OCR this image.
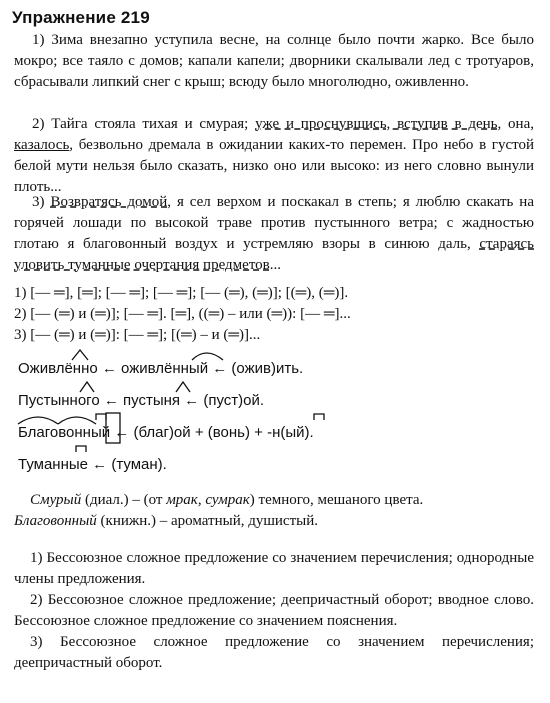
Упражнение 219

1) Зима внезапно уступила весне, на солнце было почти жарко. Все было мокро; все таяло с домов; капали капели; дворники скалывали лед с тротуаров, сбрасывали липкий снег с крыш; всюду было многолюдно, оживленно.

2) Тайга стояла тихая и смурая; уже и проснувшись, вступив в день, она, казалось, безвольно дремала в ожидании каких-то перемен. Про небо в густой белой мути нельзя было сказать, низко оно или высоко: из него словно вынули плоть...

3) Возвратясь домой, я сел верхом и поскакал в степь; я люблю скакать на горячей лошади по высокой траве против пустынного ветра; с жадностью глотаю я благовонный воздух и устремляю взоры в синюю даль, стараясь уловить туманные очертания предметов...

1) [— ═], [═]; [— ═]; [— ═]; [— (═), (═)]; [(═), (═)].
2) [— (═) и (═)]; [— ═]. [═], ((═) – или (═)): [— ═]...
3) [— (═) и (═)]: [— ═]; [(═) – и (═)]...
Оживлённо ← оживлённый ← (ожив)ить.
Пустынного ← пустыня ← (пуст)ой.
Благовонный ← (благ)ой + (вонь) + -н(ый).
Туманные ← (туман).
Смурый (диал.) – (от мрак, сумрак) темного, мешаного цвета.
Благовонный (книжн.) – ароматный, душистый.

1) Бессоюзное сложное предложение со значением перечисления; однородные члены предложения.

2) Бессоюзное сложное предложение; деепричастный оборот; вводное слово. Бессоюзное сложное предложение со значением пояснения.

3) Бессоюзное сложное предложение со значением перечисления; деепричастный оборот.
